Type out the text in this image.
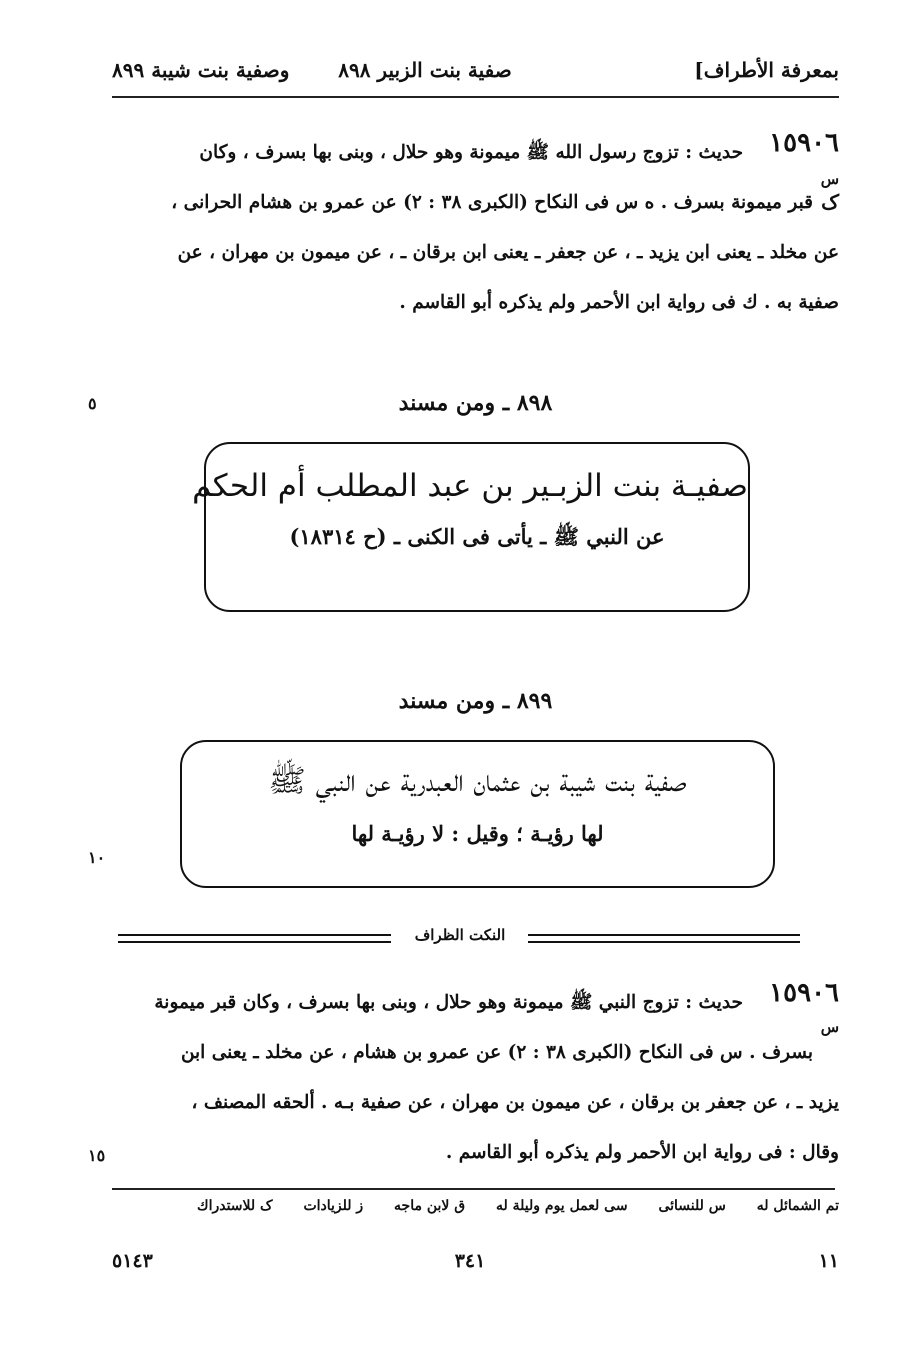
بمعرفة الأطراف]
صفية بنت الزبير ٨٩٨
وصفية بنت شيبة ٨٩٩
١٥٩٠٦

حديث : تزوج رسول الله ﷺ ميمونة وهو حلال ، وبنى بها بسرف ، وكان

قبر ميمونة بسرف . ه س فى النكاح (الكبرى ٣٨ : ٢) عن عمرو بن هشام الحرانى ،

عن مخلد ـ يعنى ابن يزيد ـ ، عن جعفر ـ يعنى ابن برقان ـ ، عن ميمون بن مهران ، عن

صفية به . ك فى رواية ابن الأحمر ولم يذكره أبو القاسم .

س
ک
٥	٨٩٨ ـ ومن مسند

صفيـة بنت الزبـير بن عبد المطلب أم الحكم

عن النبي ﷺ ـ يأتى فى الكنى ـ (ح ١٨٣١٤)

٨٩٩ ـ ومن مسند

صفية بنت شيبة بن عثمان العبدرية عن النبي ﷺ

لها رؤيـة ؛ وقيل : لا رؤيـة لها

١٠
النكت الظراف
١٥٩٠٦

حديث : تزوج النبي ﷺ ميمونة وهو حلال ، وبنى بها بسرف ، وكان قبر ميمونة

بسرف . س فى النكاح (الكبرى ٣٨ : ٢) عن عمرو بن هشام ، عن مخلد ـ يعنى ابن

يزيد ـ ، عن جعفر بن برقان ، عن ميمون بن مهران ، عن صفية بـه . ألحقه المصنف ،

وقال : فى رواية ابن الأحمر ولم يذكره أبو القاسم .

س
١٥
تم الشمائل له س للنسائى سى لعمل يوم وليلة له ق لابن ماجه ز للزيادات ک للاستدراك
١١
٣٤١
٥١٤٣
